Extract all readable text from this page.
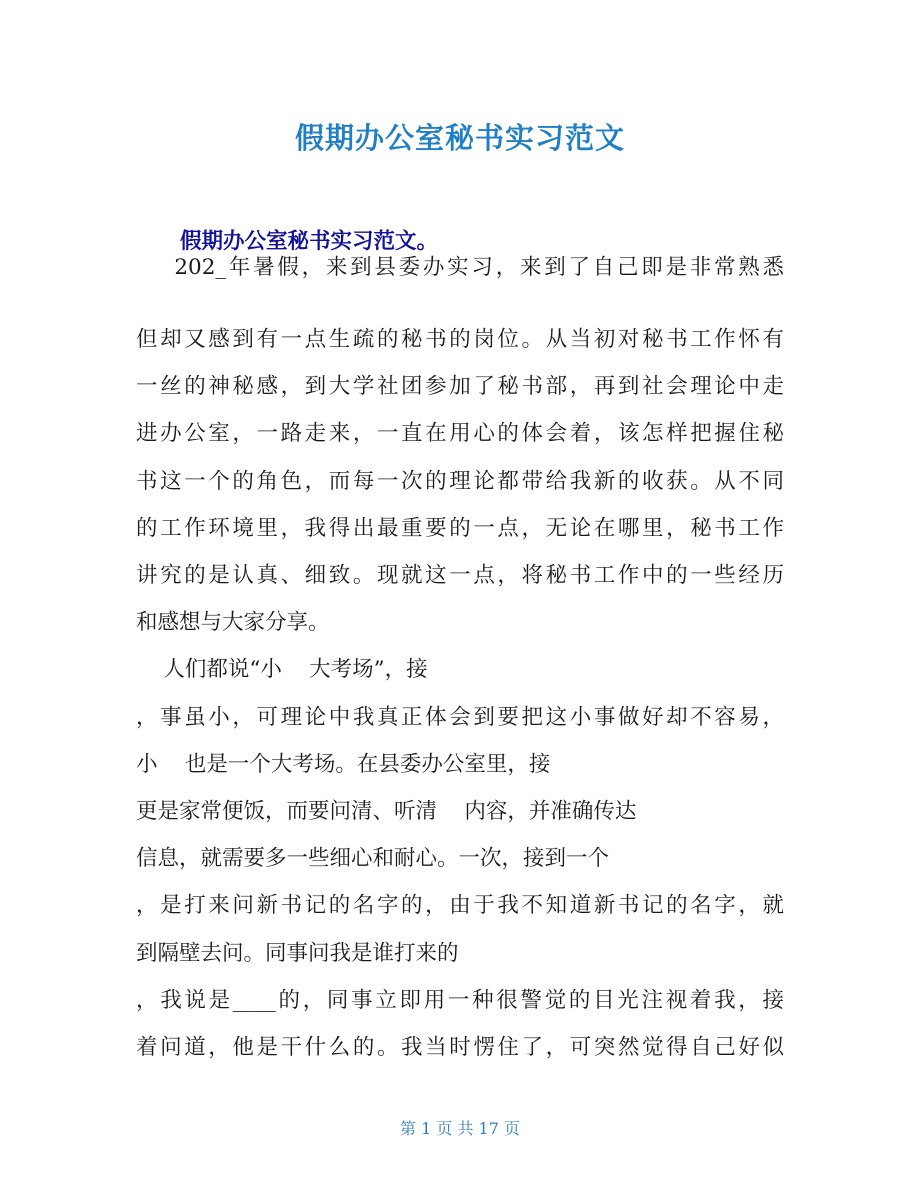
假期办公室秘书实习范文
假期办公室秘书实习范文。
202_年暑假，来到县委办实习，来到了自己即是非常熟悉
但却又感到有一点生疏的秘书的岗位。从当初对秘书工作怀有
一丝的神秘感，到大学社团参加了秘书部，再到社会理论中走
进办公室，一路走来，一直在用心的体会着，该怎样把握住秘
书这一个的角色，而每一次的理论都带给我新的收获。从不同
的工作环境里，我得出最重要的一点，无论在哪里，秘书工作
讲究的是认真、细致。现就这一点，将秘书工作中的一些经历
和感想与大家分享。
人们都说“小    大考场”，接
，事虽小，可理论中我真正体会到要把这小事做好却不容易，
小    也是一个大考场。在县委办公室里，接
更是家常便饭，而要问清、听清    内容，并准确传达
信息，就需要多一些细心和耐心。一次，接到一个
，是打来问新书记的名字的，由于我不知道新书记的名字，就
到隔壁去问。同事问我是谁打来的
，我说是____的，同事立即用一种很警觉的目光注视着我，接
着问道，他是干什么的。我当时愣住了，可突然觉得自己好似
第 1 页 共 17 页
